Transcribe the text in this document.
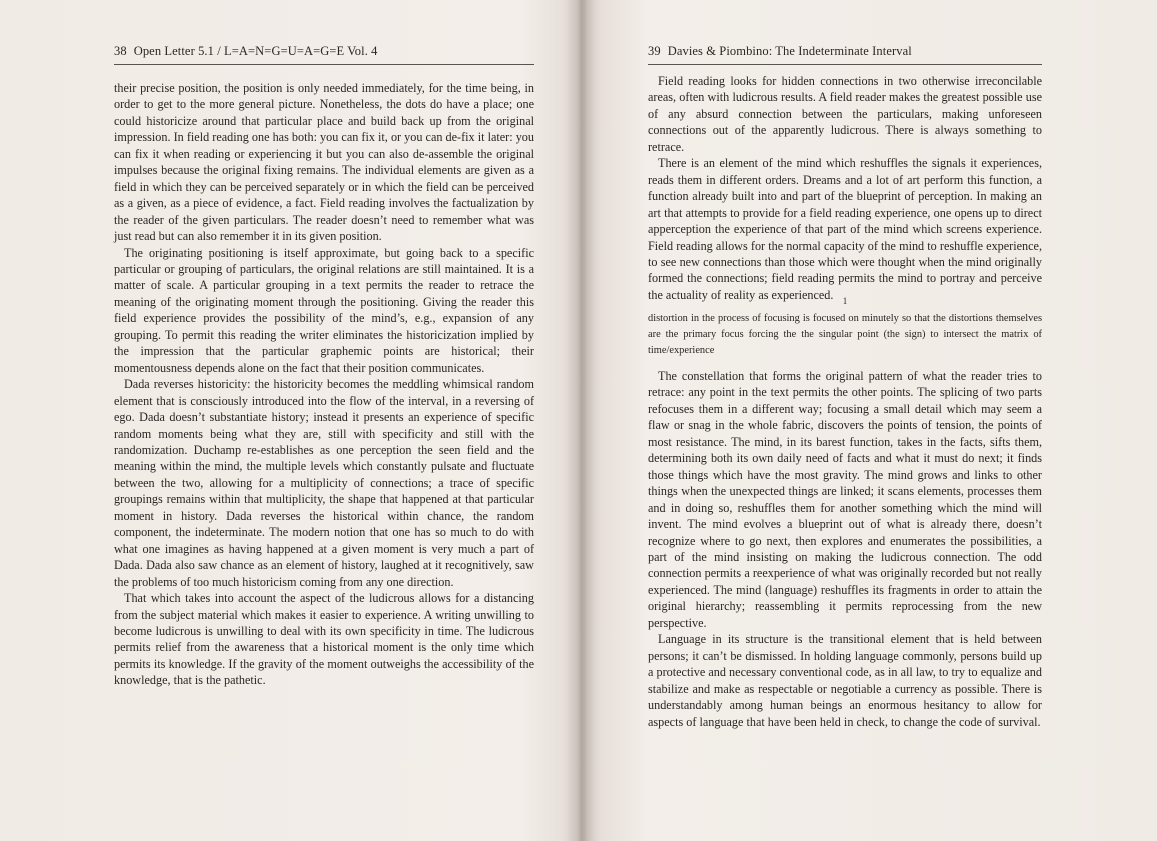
38 Open Letter 5.1 / L=A=N=G=U=A=G=E Vol. 4

their precise position, the position is only needed immediately, for the time being, in order to get to the more general picture. Nonetheless, the dots do have a place; one could historicize around that particular place and build back up from the original impression. In field reading one has both: you can fix it, or you can de-fix it later: you can fix it when reading or experiencing it but you can also de-assemble the original impulses because the original fixing remains. The individual elements are given as a field in which they can be perceived separately or in which the field can be perceived as a given, as a piece of evidence, a fact. Field reading involves the factualization by the reader of the given particulars. The reader doesn’t need to remember what was just read but can also remember it in its given position.

The originating positioning is itself approximate, but going back to a specific particular or grouping of particulars, the original relations are still maintained. It is a matter of scale. A particular grouping in a text permits the reader to retrace the meaning of the originating moment through the positioning. Giving the reader this field experience provides the possibility of the mind’s, e.g., expansion of any grouping. To permit this reading the writer eliminates the historicization implied by the impression that the particular graphemic points are historical; their momentousness depends alone on the fact that their position communicates.

Dada reverses historicity: the historicity becomes the meddling whimsical random element that is consciously introduced into the flow of the interval, in a reversing of ego. Dada doesn’t substantiate history; instead it presents an experience of specific random moments being what they are, still with specificity and still with the randomization. Duchamp re-establishes as one perception the seen field and the meaning within the mind, the multiple levels which constantly pulsate and fluctuate between the two, allowing for a multiplicity of connections; a trace of specific groupings remains within that multiplicity, the shape that happened at that particular moment in history. Dada reverses the historical within chance, the random component, the indeterminate. The modern notion that one has so much to do with what one imagines as having happened at a given moment is very much a part of Dada. Dada also saw chance as an element of history, laughed at it recognitively, saw the problems of too much historicism coming from any one direction.

That which takes into account the aspect of the ludicrous allows for a distancing from the subject material which makes it easier to experience. A writing unwilling to become ludicrous is unwilling to deal with its own specificity in time. The ludicrous permits relief from the awareness that a historical moment is the only time which permits its knowledge. If the gravity of the moment outweighs the accessibility of the knowledge, that is the pathetic.

39 Davies & Piombino: The Indeterminate Interval

Field reading looks for hidden connections in two otherwise irreconcilable areas, often with ludicrous results. A field reader makes the greatest possible use of any absurd connection between the particulars, making unforeseen connections out of the apparently ludicrous. There is always something to retrace.

There is an element of the mind which reshuffles the signals it experiences, reads them in different orders. Dreams and a lot of art perform this function, a function already built into and part of the blueprint of perception. In making an art that attempts to provide for a field reading experience, one opens up to direct apperception the experience of that part of the mind which screens experience. Field reading allows for the normal capacity of the mind to reshuffle experience, to see new connections than those which were thought when the mind originally formed the connections; field reading permits the mind to portray and perceive the actuality of reality as experienced.	1
distortion in the process of focusing is focused on minutely so that the distortions themselves are the primary focus forcing the the singular point (the sign) to intersect the matrix of time/experience

The constellation that forms the original pattern of what the reader tries to retrace: any point in the text permits the other points. The splicing of two parts refocuses them in a different way; focusing a small detail which may seem a flaw or snag in the whole fabric, discovers the points of tension, the points of most resistance. The mind, in its barest function, takes in the facts, sifts them, determining both its own daily need of facts and what it must do next; it finds those things which have the most gravity. The mind grows and links to other things when the unexpected things are linked; it scans elements, processes them and in doing so, reshuffles them for another something which the mind will invent. The mind evolves a blueprint out of what is already there, doesn’t recognize where to go next, then explores and enumerates the possibilities, a part of the mind insisting on making the ludicrous connection. The odd connection permits a reexperience of what was originally recorded but not really experienced. The mind (language) reshuffles its fragments in order to attain the original hierarchy; reassembling it permits reprocessing from the new perspective.

Language in its structure is the transitional element that is held between persons; it can’t be dismissed. In holding language commonly, persons build up a protective and necessary conventional code, as in all law, to try to equalize and stabilize and make as respectable or negotiable a currency as possible. There is understandably among human beings an enormous hesitancy to allow for aspects of language that have been held in check, to change the code of survival.
